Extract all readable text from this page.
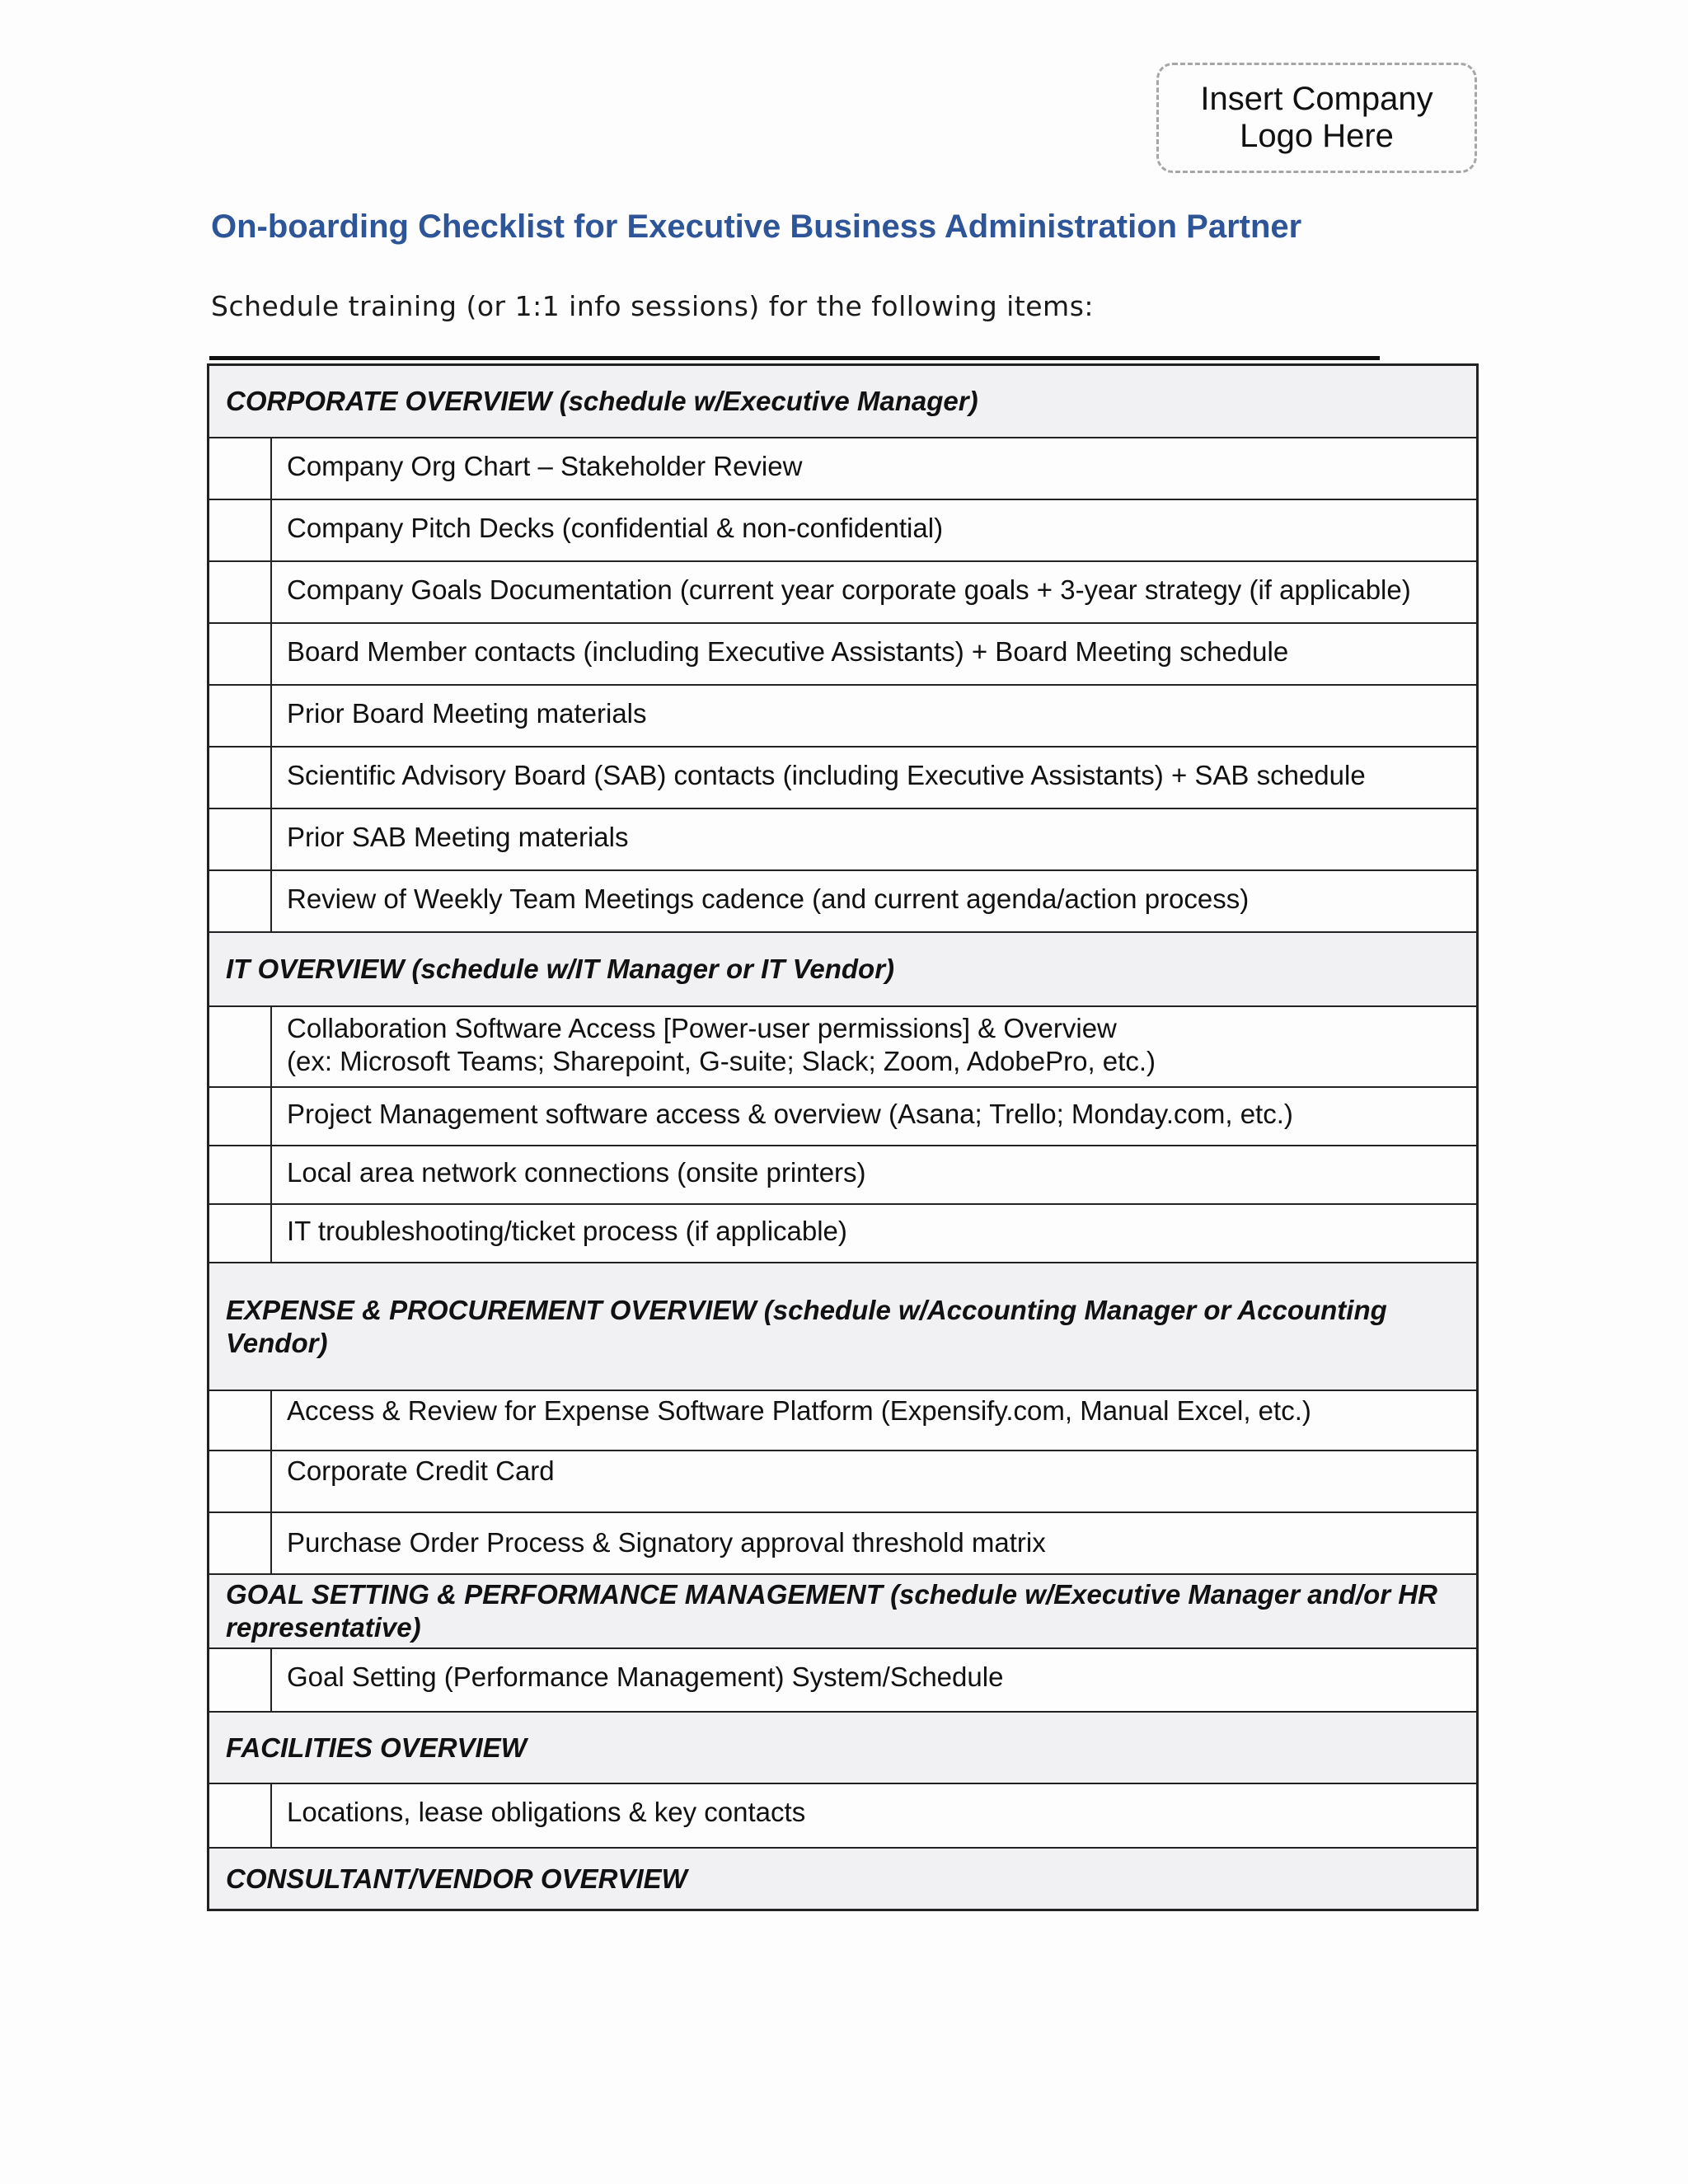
Insert Company Logo Here
On-boarding Checklist for Executive Business Administration Partner
Schedule training (or 1:1 info sessions) for the following items:
CORPORATE OVERVIEW (schedule w/Executive Manager)
Company Org Chart – Stakeholder Review
Company Pitch Decks (confidential & non-confidential)
Company Goals Documentation (current year corporate goals + 3-year strategy (if applicable)
Board Member contacts (including Executive Assistants) + Board Meeting schedule
Prior Board Meeting materials
Scientific Advisory Board (SAB) contacts (including Executive Assistants) + SAB schedule
Prior SAB Meeting materials
Review of Weekly Team Meetings cadence (and current agenda/action process)
IT OVERVIEW (schedule w/IT Manager or IT Vendor)
Collaboration Software Access [Power-user permissions] & Overview
(ex: Microsoft Teams; Sharepoint, G-suite; Slack; Zoom, AdobePro, etc.)
Project Management software access & overview (Asana; Trello; Monday.com, etc.)
Local area network connections (onsite printers)
IT troubleshooting/ticket process (if applicable)
EXPENSE & PROCUREMENT OVERVIEW (schedule w/Accounting Manager or Accounting Vendor)
Access & Review for Expense Software Platform (Expensify.com, Manual Excel, etc.)
Corporate Credit Card
Purchase Order Process & Signatory approval threshold matrix
GOAL SETTING & PERFORMANCE MANAGEMENT (schedule w/Executive Manager and/or HR representative)
Goal Setting (Performance Management) System/Schedule
FACILITIES OVERVIEW
Locations, lease obligations & key contacts
CONSULTANT/VENDOR OVERVIEW
